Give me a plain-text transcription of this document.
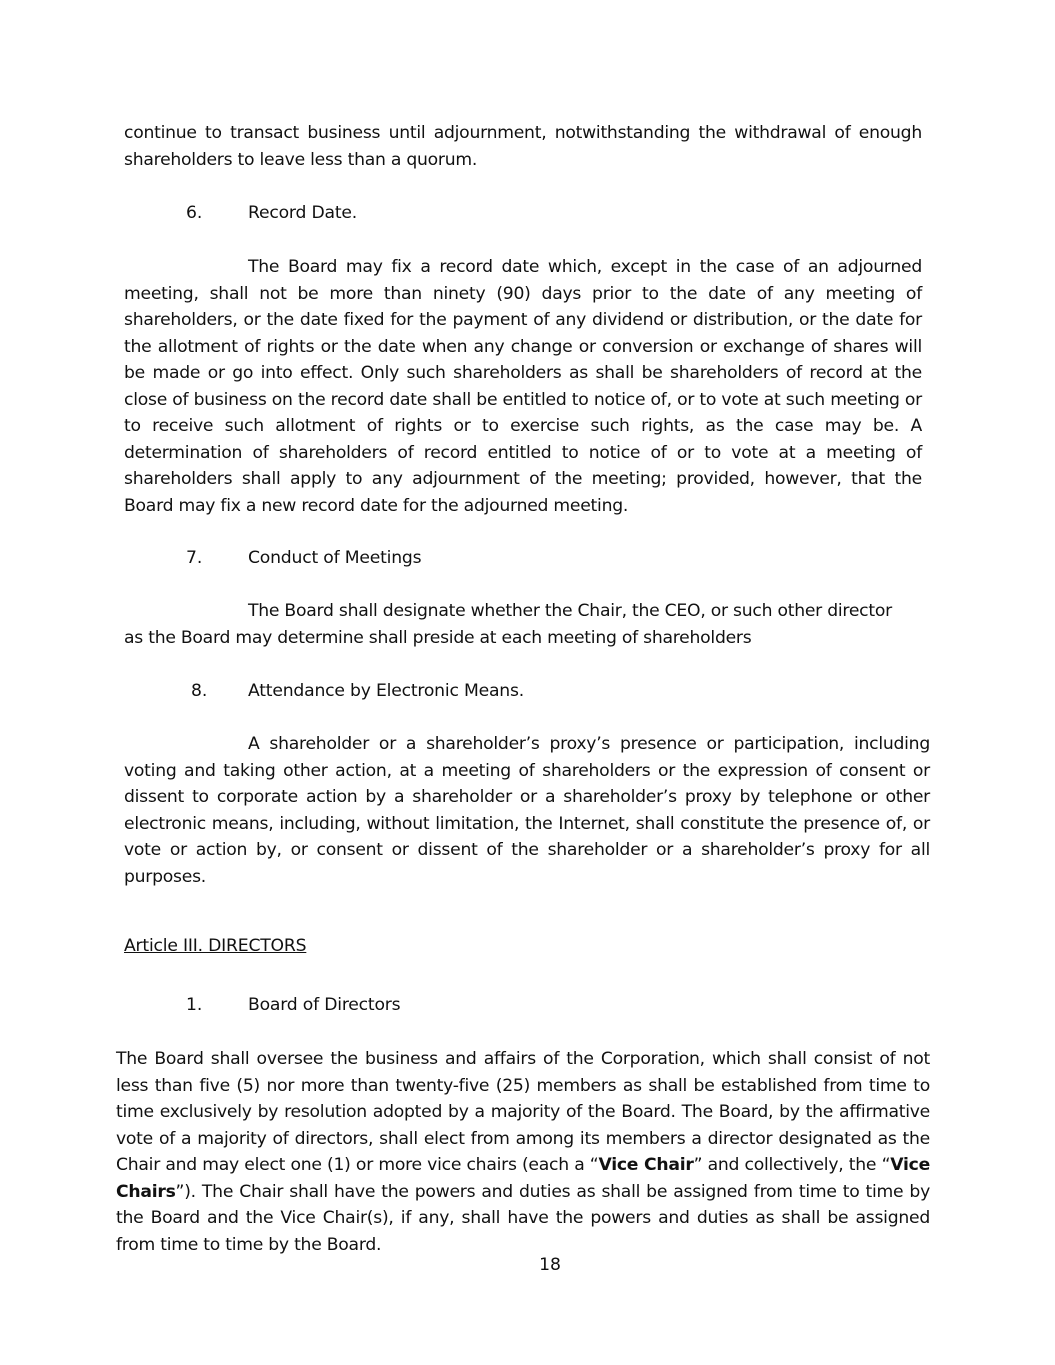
continue to transact business until adjournment, notwithstanding the withdrawal of enough shareholders to leave less than a quorum.

6.	Record Date.

The Board may fix a record date which, except in the case of an adjourned meeting, shall not be more than ninety (90) days prior to the date of any meeting of shareholders, or the date fixed for the payment of any dividend or distribution, or the date for the allotment of rights or the date when any change or conversion or exchange of shares will be made or go into effect. Only such shareholders as shall be shareholders of record at the close of business on the record date shall be entitled to notice of, or to vote at such meeting or to receive such allotment of rights or to exercise such rights, as the case may be. A determination of shareholders of record entitled to notice of or to vote at a meeting of shareholders shall apply to any adjournment of the meeting; provided, however, that the Board may fix a new record date for the adjourned meeting.

7.	Conduct of Meetings

The Board shall designate whether the Chair, the CEO, or such other director as the Board may determine shall preside at each meeting of shareholders

8. Attendance by Electronic Means.

A shareholder or a shareholder’s proxy’s presence or participation, including voting and taking other action, at a meeting of shareholders or the expression of consent or dissent to corporate action by a shareholder or a shareholder’s proxy by telephone or other electronic means, including, without limitation, the Internet, shall constitute the presence of, or vote or action by, or consent or dissent of the shareholder or a shareholder’s proxy for all purposes.

Article III. DIRECTORS
1.	Board of Directors

The Board shall oversee the business and affairs of the Corporation, which shall consist of not less than five (5) nor more than twenty-five (25) members as shall be established from time to time exclusively by resolution adopted by a majority of the Board. The Board, by the affirmative vote of a majority of directors, shall elect from among its members a director designated as the Chair and may elect one (1) or more vice chairs (each a “Vice Chair” and collectively, the “Vice Chairs”). The Chair shall have the powers and duties as shall be assigned from time to time by the Board and the Vice Chair(s), if any, shall have the powers and duties as shall be assigned from time to time by the Board.

18
